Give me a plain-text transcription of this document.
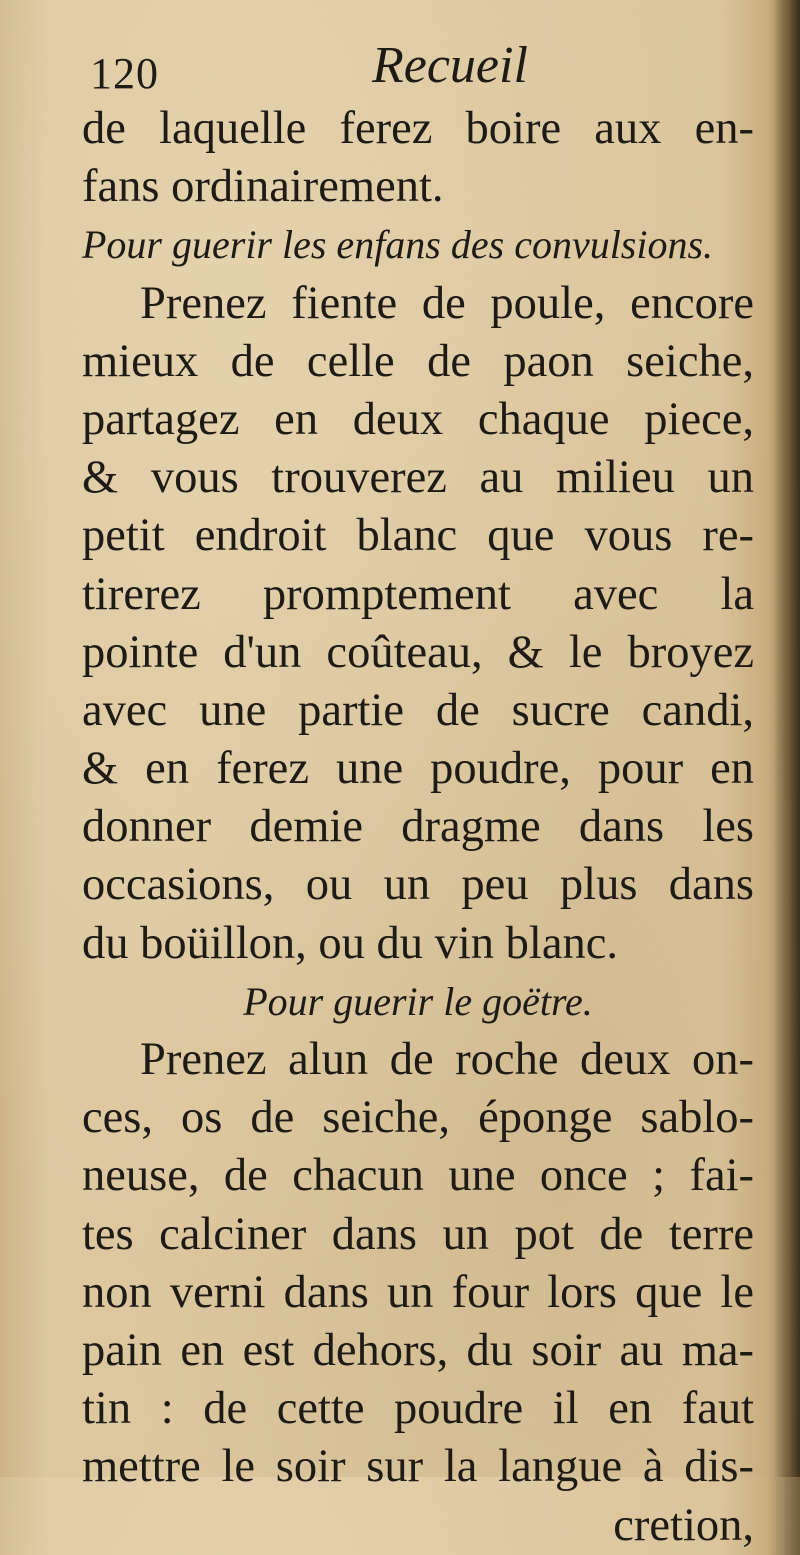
120	Recueil
de laquelle ferez boire aux en-
fans ordinairement.
Pour guerir les enfans des convulsions.
Prenez fiente de poule, encore
mieux de celle de paon seiche,
partagez en deux chaque piece,
& vous trouverez au milieu un
petit endroit blanc que vous re-
tirerez promptement avec la
pointe d'un coûteau, & le broyez
avec une partie de sucre candi,
& en ferez une poudre, pour en
donner demie dragme dans les
occasions, ou un peu plus dans
du boüillon, ou du vin blanc.
Pour guerir le goëtre.
Prenez alun de roche deux on-
ces, os de seiche, éponge sablo-
neuse, de chacun une once ; fai-
tes calciner dans un pot de terre
non verni dans un four lors que le
pain en est dehors, du soir au ma-
tin : de cette poudre il en faut
mettre le soir sur la langue à dis-
cretion,
